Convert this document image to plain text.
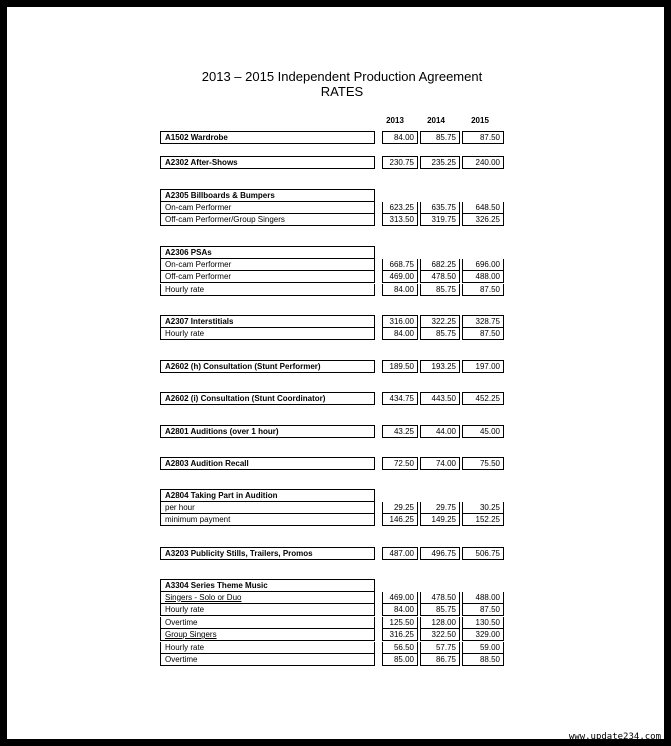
2013 – 2015 Independent Production Agreement
RATES
2013	2014	2015
A1502 Wardrobe	84.00	85.75	87.50
A2302 After-Shows	230.75	235.25	240.00
A2305 Billboards & Bumpers
On-cam Performer	623.25	635.75	648.50
Off-cam Performer/Group Singers	313.50	319.75	326.25
A2306 PSAs
On-cam Performer	668.75	682.25	696.00
Off-cam Performer	469.00	478.50	488.00
Hourly rate	84.00	85.75	87.50
A2307 Interstitials	316.00	322.25	328.75
Hourly rate	84.00	85.75	87.50
A2602 (h) Consultation (Stunt Performer)	189.50	193.25	197.00
A2602 (i) Consultation (Stunt Coordinator)	434.75	443.50	452.25
A2801 Auditions (over 1 hour)	43.25	44.00	45.00
A2803 Audition Recall	72.50	74.00	75.50
A2804 Taking Part in Audition
per hour	29.25	29.75	30.25
minimum payment	146.25	149.25	152.25
A3203 Publicity Stills, Trailers, Promos	487.00	496.75	506.75
A3304 Series Theme Music
Singers - Solo or Duo	469.00	478.50	488.00
Hourly rate	84.00	85.75	87.50
Overtime	125.50	128.00	130.50
Group Singers	316.25	322.50	329.00
Hourly rate	56.50	57.75	59.00
Overtime	85.00	86.75	88.50
www.update234.com
